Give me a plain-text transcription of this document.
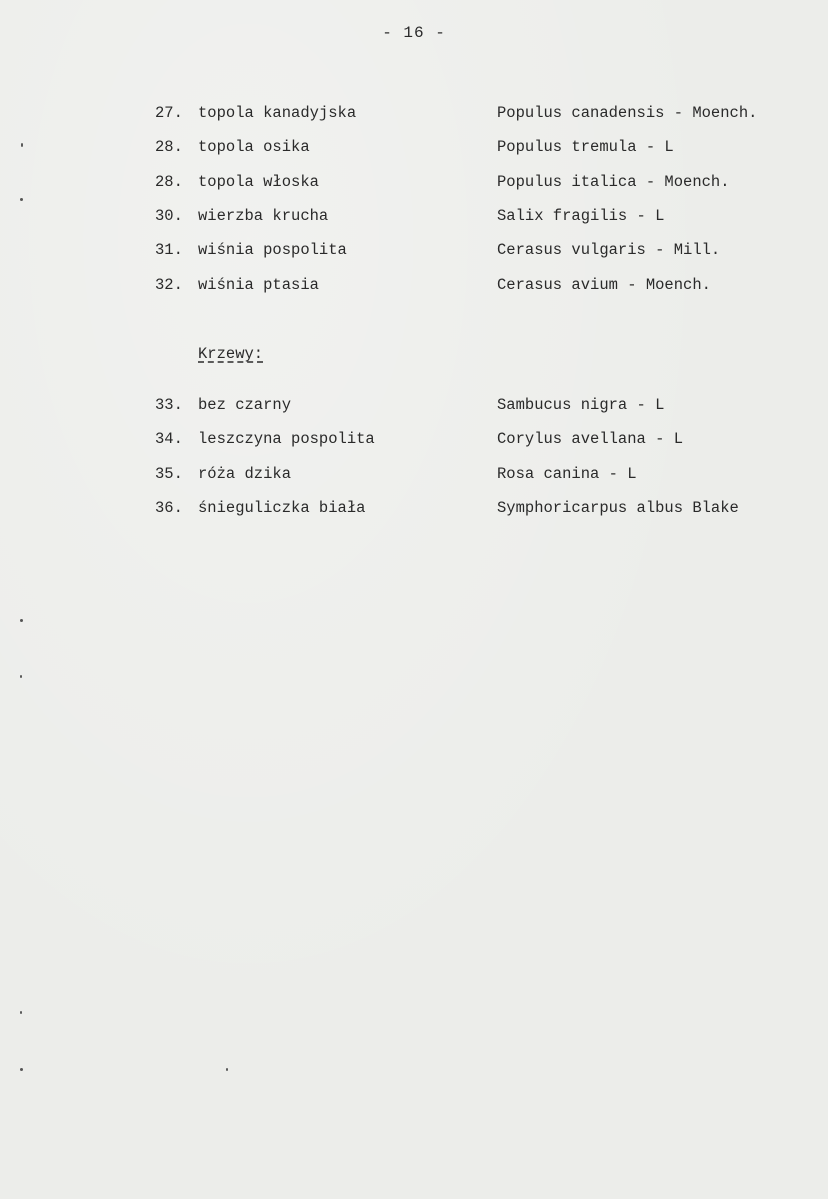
- 16 -
27. topola kanadyjska	Populus canadensis - Moench.
28. topola osika	Populus tremula - L
28. topola włoska	Populus italica - Moench.
30. wierzba krucha	Salix fragilis - L
31. wiśnia pospolita	Cerasus vulgaris - Mill.
32. wiśnia ptasia	Cerasus avium - Moench.
Krzewy:
33. bez czarny	Sambucus nigra - L
34. leszczyna pospolita	Corylus avellana - L
35. róża dzika	Rosa canina - L
36. śnieguliczka biała	Symphoricarpus albus Blake
